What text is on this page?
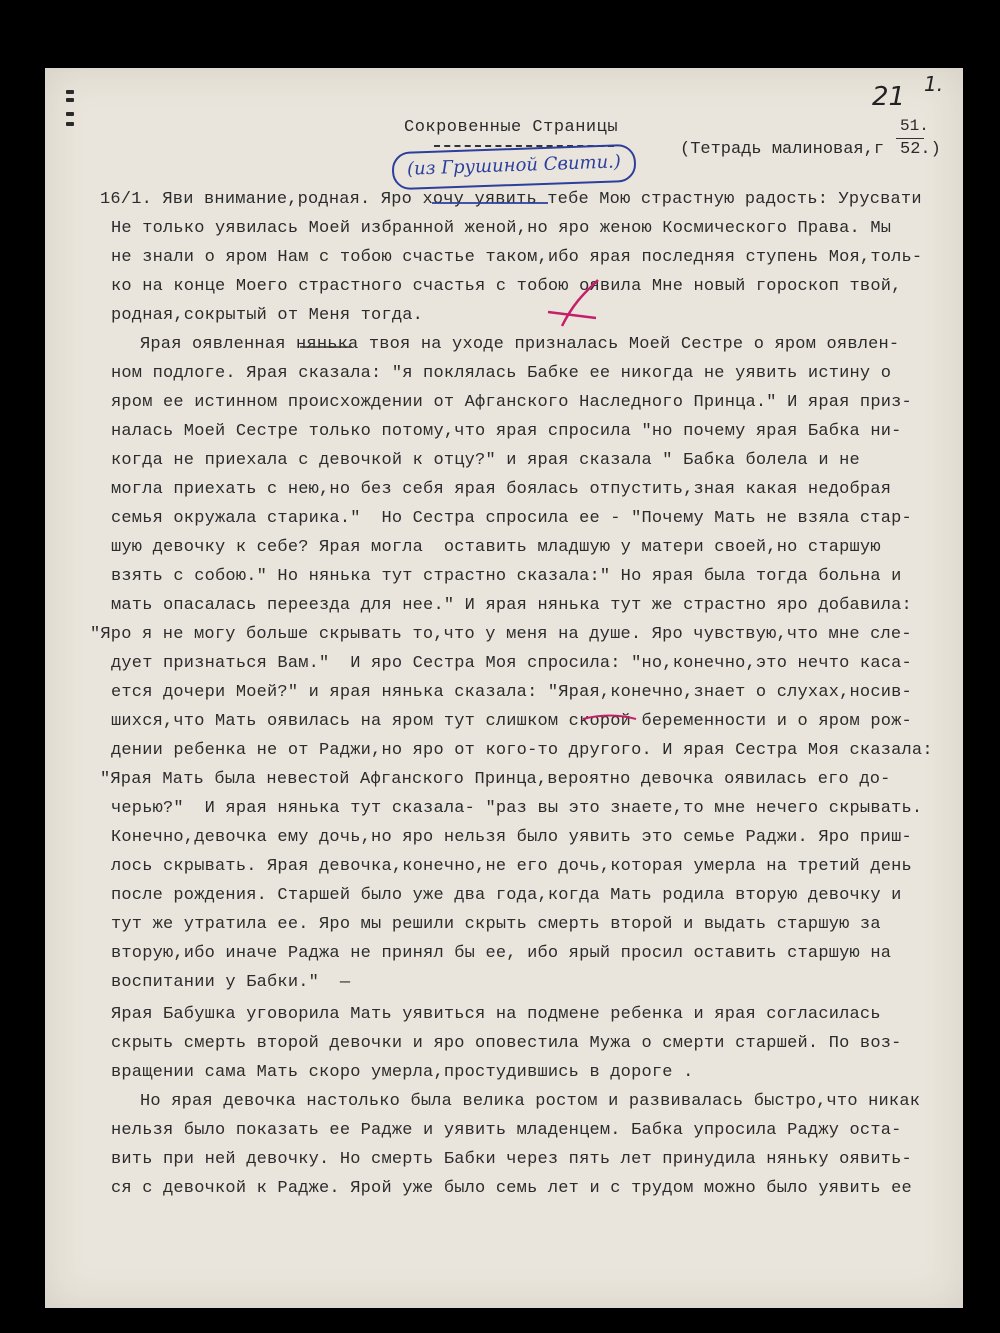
21 1.
Сокровенные Страницы
(из Грушиной Свити.)
(Тетрадь малиновая,г
51.
52.)
16/1. Яви внимание,родная. Яро хочу уявить тебе Мою страстную радость: Урусвати
Не только уявилась Моей избранной женой,но яро женою Космического Права. Мы
не знали о яром Нам с тобою счастье таком,ибо ярая последняя ступень Моя,толь-
ко на конце Моего страстного счастья с тобою оявила Мне новый гороскоп твой,
родная,сокрытый от Меня тогда.
Ярая оявленная нянька твоя на уходе призналась Моей Сестре о яром оявлен-
ном подлоге. Ярая сказала: "я поклялась Бабке ее никогда не уявить истину о
яром ее истинном происхождении от Афганского Наследного Принца." И ярая приз-
налась Моей Сестре только потому,что ярая спросила "но почему ярая Бабка ни-
когда не приехала с девочкой к отцу?" и ярая сказала " Бабка болела и не
могла приехать с нею,но без себя ярая боялась отпустить,зная какая недобрая
семья окружала старика."  Но Сестра спросила ее - "Почему Мать не взяла стар-
шую девочку к себе? Ярая могла  оставить младшую у матери своей,но старшую
взять с собою." Но нянька тут страстно сказала:" Но ярая была тогда больна и
мать опасалась переезда для нее." И ярая нянька тут же страстно яро добавила:
"Яро я не могу больше скрывать то,что у меня на душе. Яро чувствую,что мне сле-
дует признаться Вам."  И яро Сестра Моя спросила: "но,конечно,это нечто каса-
ется дочери Моей?" и ярая нянька сказала: "Ярая,конечно,знает о слухах,носив-
шихся,что Мать оявилась на яром тут слишком скорой беременности и о яром рож-
дении ребенка не от Раджи,но яро от кого-то другого. И ярая Сестра Моя сказала:
"Ярая Мать была невестой Афганского Принца,вероятно девочка оявилась его до-
черью?"  И ярая нянька тут сказала- "раз вы это знаете,то мне нечего скрывать.
Конечно,девочка ему дочь,но яро нельзя было уявить это семье Раджи. Яро приш-
лось скрывать. Ярая девочка,конечно,не его дочь,которая умерла на третий день
после рождения. Старшей было уже два года,когда Мать родила вторую девочку и
тут же утратила ее. Яро мы решили скрыть смерть второй и выдать старшую за
вторую,ибо иначе Раджа не принял бы ее, ибо ярый просил оставить старшую на
воспитании у Бабки."  —
Ярая Бабушка уговорила Мать уявиться на подмене ребенка и ярая согласилась
скрыть смерть второй девочки и яро оповестила Мужа о смерти старшей. По воз-
вращении сама Мать скоро умерла,простудившись в дороге .
Но ярая девочка настолько была велика ростом и развивалась быстро,что никак
нельзя было показать ее Радже и уявить младенцем. Бабка упросила Раджу оста-
вить при ней девочку. Но смерть Бабки через пять лет принудила няньку оявить-
ся с девочкой к Радже. Ярой уже было семь лет и с трудом можно было уявить ее
